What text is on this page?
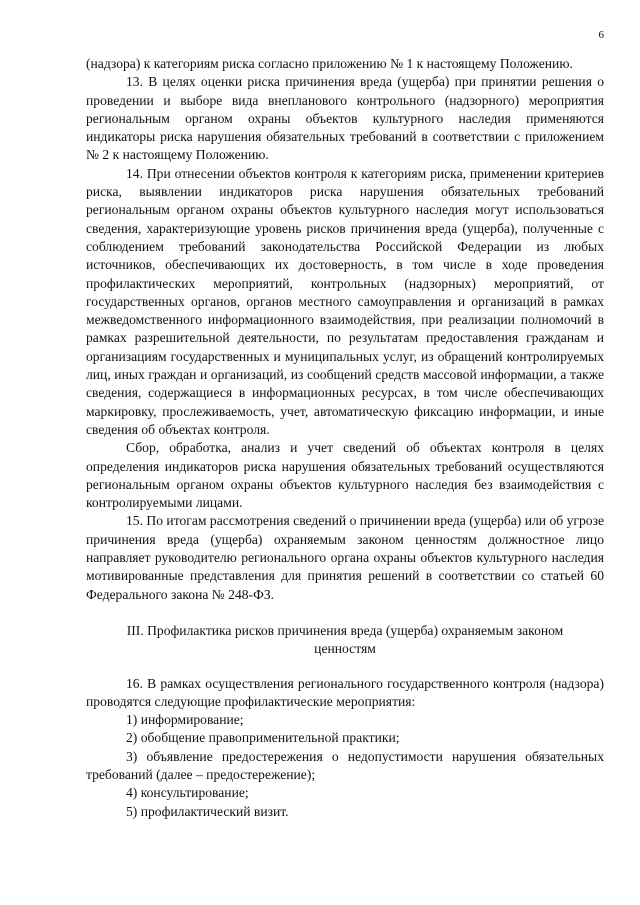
6

(надзора) к категориям риска согласно приложению № 1 к настоящему Положению.

13. В целях оценки риска причинения вреда (ущерба) при принятии решения о проведении и выборе вида внепланового контрольного (надзорного) мероприятия региональным органом охраны объектов культурного наследия применяются индикаторы риска нарушения обязательных требований в соответствии с приложением № 2 к настоящему Положению.

14. При отнесении объектов контроля к категориям риска, применении критериев риска, выявлении индикаторов риска нарушения обязательных требований региональным органом охраны объектов культурного наследия могут использоваться сведения, характеризующие уровень рисков причинения вреда (ущерба), полученные с соблюдением требований законодательства Российской Федерации из любых источников, обеспечивающих их достоверность, в том числе в ходе проведения профилактических мероприятий, контрольных (надзорных) мероприятий, от государственных органов, органов местного самоуправления и организаций в рамках межведомственного информационного взаимодействия, при реализации полномочий в рамках разрешительной деятельности, по результатам предоставления гражданам и организациям государственных и муниципальных услуг, из обращений контролируемых лиц, иных граждан и организаций, из сообщений средств массовой информации, а также сведения, содержащиеся в информационных ресурсах, в том числе обеспечивающих маркировку, прослеживаемость, учет, автоматическую фиксацию информации, и иные сведения об объектах контроля.

Сбор, обработка, анализ и учет сведений об объектах контроля в целях определения индикаторов риска нарушения обязательных требований осуществляются региональным органом охраны объектов культурного наследия без взаимодействия с контролируемыми лицами.

15. По итогам рассмотрения сведений о причинении вреда (ущерба) или об угрозе причинения вреда (ущерба) охраняемым законом ценностям должностное лицо направляет руководителю регионального органа охраны объектов культурного наследия мотивированные представления для принятия решений в соответствии со статьей 60 Федерального закона № 248-ФЗ.

III. Профилактика рисков причинения вреда (ущерба) охраняемым законом ценностям

16. В рамках осуществления регионального государственного контроля (надзора) проводятся следующие профилактические мероприятия:

1) информирование;

2) обобщение правоприменительной практики;

3) объявление предостережения о недопустимости нарушения обязательных требований (далее – предостережение);

4) консультирование;

5) профилактический визит.
